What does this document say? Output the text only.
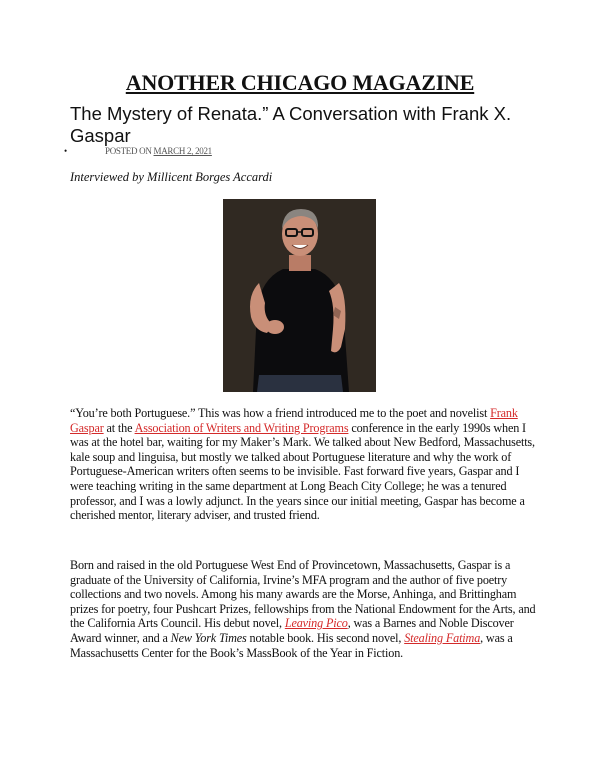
ANOTHER CHICAGO MAGAZINE
The Mystery of Renata.” A Conversation with Frank X. Gaspar
•	POSTED ON MARCH 2, 2021
Interviewed by Millicent Borges Accardi

“You’re both Portuguese.” This was how a friend introduced me to the poet and novelist Frank Gaspar at the Association of Writers and Writing Programs conference in the early 1990s when I was at the hotel bar, waiting for my Maker’s Mark. We talked about New Bedford, Massachusetts, kale soup and linguisa, but mostly we talked about Portuguese literature and why the work of Portuguese-American writers often seems to be invisible. Fast forward five years, Gaspar and I were teaching writing in the same department at Long Beach City College; he was a tenured professor, and I was a lowly adjunct. In the years since our initial meeting, Gaspar has become a cherished mentor, literary adviser, and trusted friend.

Born and raised in the old Portuguese West End of Provincetown, Massachusetts, Gaspar is a graduate of the University of California, Irvine’s MFA program and the author of five poetry collections and two novels. Among his many awards are the Morse, Anhinga, and Brittingham prizes for poetry, four Pushcart Prizes, fellowships from the National Endowment for the Arts, and the California Arts Council. His debut novel, Leaving Pico, was a Barnes and Noble Discover Award winner, and a New York Times notable book. His second novel, Stealing Fatima, was a Massachusetts Center for the Book’s MassBook of the Year in Fiction.
